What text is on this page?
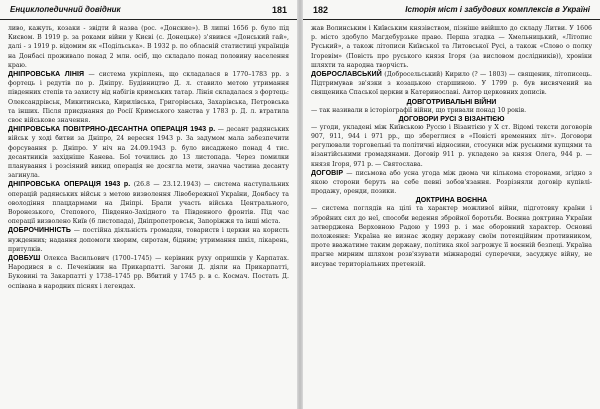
Енциклопедичний довідник	181

ливо, кажуть, козаки - звідти й назва (рос. «Донские»). В липні 1656 р. було під Києвом. В 1919 р. за роками війни у Києві (с. Донецьке) з'явився «Донський гай», далі - з 1919 р. відомим як «Подільська». В 1932 р. по обласній статистиці українців на Донбасі проживало понад 2 млн. осіб, що складало понад половину населення краю.

ДНІПРОВСЬКА ЛІНІЯ — система укріплень, що складалася в 1770–1783 рр. з фортець і редутів по р. Дніпру. Будівництво Д. л. ставило метою утримання південних степів та захисту від набігів кримських татар. Лінія складалася з фортець: Олександрівськ, Микитинська, Кирилівська, Григорівська, Захарівська, Петровська та інших. Після приєднання до Росії Кримського ханства у 1783 р. Д. л. втратила своє військове значення.

ДНІПРОВСЬКА ПОВІТРЯНО-ДЕСАНТНА ОПЕРАЦІЯ 1943 р. — десант радянських військ у ході битви за Дніпро, 24 вересня 1943 р. За задумом мала забезпечити форсування р. Дніпро. У ніч на 24.09.1943 р. було висаджено понад 4 тис. десантників західніше Канева. Бої точились до 13 листопада. Через помилки планування і розсіяний викид операція не досягла мети, значна частина десанту загинула.

ДНІПРОВСЬКА ОПЕРАЦІЯ 1943 р. (26.8 — 23.12.1943) — система наступальних операцій радянських військ з метою визволення Лівобережної України, Донбасу та оволодіння плацдармами на Дніпрі. Брали участь війська Центрального, Воронезького, Степового, Південно-Західного та Південного фронтів. Під час операції визволено Київ (6 листопада), Дніпропетровськ, Запоріжжя та інші міста.

ДОБРОЧИННІСТЬ — постійна діяльність громадян, товариств і церкви на користь нужденних; надання допомоги хворим, сиротам, бідним; утримання шкіл, лікарень, притулків.

ДОВБУШ Олекса Васильович (1700–1745) — керівник руху опришків у Карпатах. Народився в с. Печеніжин на Прикарпатті. Загони Д. діяли на Прикарпатті, Буковині та Закарпатті у 1738–1745 рр. Вбитий у 1745 р. в с. Космач. Постать Д. оспівана в народних піснях і легендах.

182	Історія міст і забудових комплексів в Україні

жав Волинським і Київським князівством, пізніше ввійшло до складу Литви. У 1606 р. місто здобуло Магдебурзьке право. Перша згадка — Хмельницький, «Літопис Руський», а також літописи Київської та Литовської Русі, а також «Слово о полку Ігоревім» (Повість про руського князя Ігоря (за висловом дослідників)), хроніки шляхти та народна творчість.

ДОБРОСЛАВСЬКИЙ (Добросельський) Кирило (? — 1803) — священик, літописець. Підтримував зв'язки з козацькою старшиною. У 1799 р. був висвячений на священика Спаської церкви в Катеринославі. Автор церковних дописів.

ДОВГОТРИВАЛЬНІ ВІЙНИ

— так називали в історіографії війни, що тривали понад 10 років.

ДОГОВОРИ РУСІ З ВІЗАНТІЄЮ

— угоди, укладені між Київською Руссю і Візантією у X ст. Відомі тексти договорів 907, 911, 944 і 971 рр., що збереглися в «Повісті временних літ». Договори регулювали торговельні та політичні відносини, стосунки між руськими купцями та візантійськими громадянами. Договір 911 р. укладено за князя Олега, 944 р. — князя Ігоря, 971 р. — Святослава.

ДОГОВІР — письмова або усна угода між двома чи кількома сторонами, згідно з якою сторони беруть на себе певні зобов'язання. Розрізняли договір купівлі-продажу, оренди, позики.

ДОКТРИНА ВОЄННА

— система поглядів на цілі та характер можливої війни, підготовку країни і збройних сил до неї, способи ведення збройної боротьби. Воєнна доктрина України затверджена Верховною Радою у 1993 р. і має оборонний характер. Основні положення: Україна не визнає жодну державу своїм потенційним противником, проте вважатиме таким державу, політика якої загрожує її воєнній безпеці. Україна прагне мирним шляхом розв'язувати міжнародні суперечки, засуджує війну, не висуває територіальних претензій.
